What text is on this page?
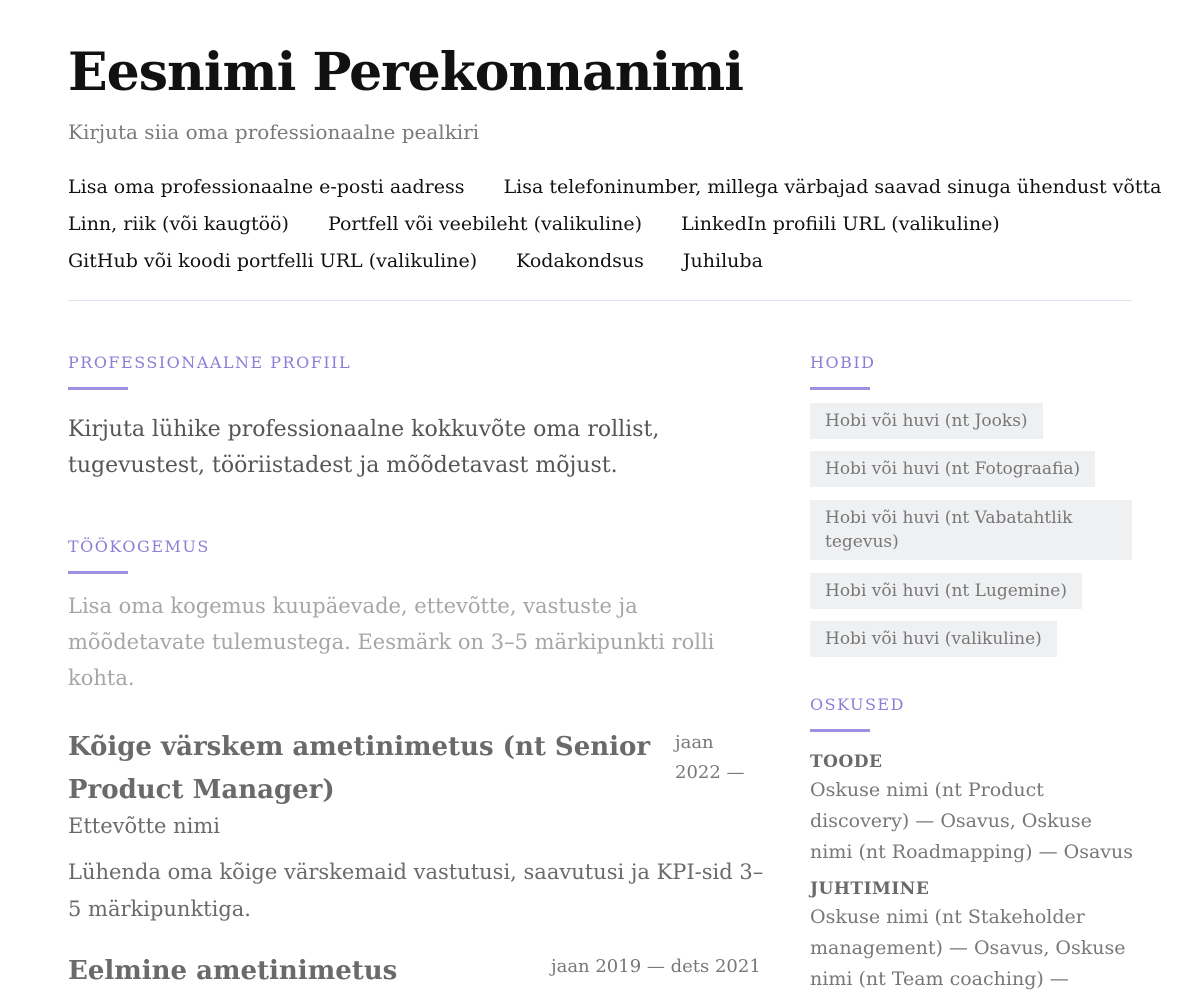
Eesnimi Perekonnanimi
Kirjuta siia oma professionaalne pealkiri
Lisa oma professionaalne e-posti aadress Lisa telefoninumber, millega värbajad saavad sinuga ühendust võtta
Linn, riik (või kaugtöö) Portfell või veebileht (valikuline) LinkedIn profiili URL (valikuline)
GitHub või koodi portfelli URL (valikuline) Kodakondsus Juhiluba
PROFESSIONAALNE PROFIIL
Kirjuta lühike professionaalne kokkuvõte oma rollist, tugevustest, tööriistadest ja mõõdetavast mõjust.
TÖÖKOGEMUS
Lisa oma kogemus kuupäevade, ettevõtte, vastuste ja mõõdetavate tulemustega. Eesmärk on 3–5 märkipunkti rolli kohta.
Kõige värskem ametinimetus (nt Senior Product Manager)
jaan 2022 —
Ettevõtte nimi
Lühenda oma kõige värskemaid vastutusi, saavutusi ja KPI-sid 3–5 märkipunktiga.
Eelmine ametinimetus	jaan 2019 — dets 2021
HOBID
Hobi või huvi (nt Jooks)
Hobi või huvi (nt Fotograafia)
Hobi või huvi (nt Vabatahtlik tegevus)
Hobi või huvi (nt Lugemine)
Hobi või huvi (valikuline)
OSKUSED
TOODE
Oskuse nimi (nt Product discovery) — Osavus, Oskuse nimi (nt Roadmapping) — Osavus
JUHTIMINE
Oskuse nimi (nt Stakeholder management) — Osavus, Oskuse nimi (nt Team coaching) —
